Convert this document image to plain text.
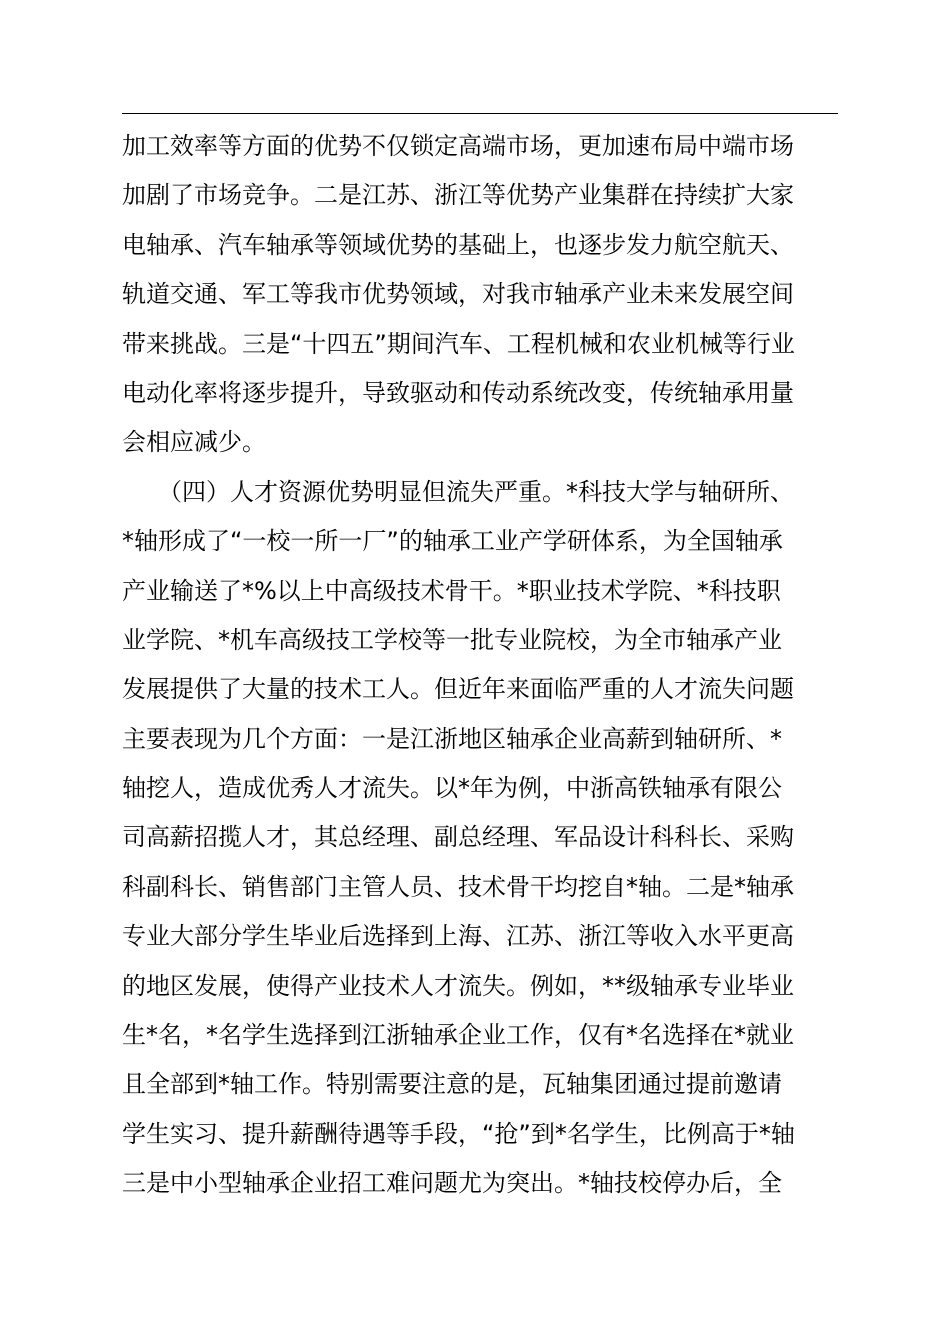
加工效率等方面的优势不仅锁定高端市场，更加速布局中端市场
加剧了市场竞争。二是江苏、浙江等优势产业集群在持续扩大家
电轴承、汽车轴承等领域优势的基础上，也逐步发力航空航天、
轨道交通、军工等我市优势领域，对我市轴承产业未来发展空间
带来挑战。三是“十四五”期间汽车、工程机械和农业机械等行业
电动化率将逐步提升，导致驱动和传动系统改变，传统轴承用量
会相应减少。
　　（四）人才资源优势明显但流失严重。*科技大学与轴研所、
*轴形成了“一校一所一厂”的轴承工业产学研体系，为全国轴承
产业输送了*%以上中高级技术骨干。*职业技术学院、*科技职
业学院、*机车高级技工学校等一批专业院校，为全市轴承产业
发展提供了大量的技术工人。但近年来面临严重的人才流失问题
主要表现为几个方面：一是江浙地区轴承企业高薪到轴研所、*
轴挖人，造成优秀人才流失。以*年为例，中浙高铁轴承有限公
司高薪招揽人才，其总经理、副总经理、军品设计科科长、采购
科副科长、销售部门主管人员、技术骨干均挖自*轴。二是*轴承
专业大部分学生毕业后选择到上海、江苏、浙江等收入水平更高
的地区发展，使得产业技术人才流失。例如，**级轴承专业毕业
生*名，*名学生选择到江浙轴承企业工作，仅有*名选择在*就业
且全部到*轴工作。特别需要注意的是，瓦轴集团通过提前邀请
学生实习、提升薪酬待遇等手段，“抢”到*名学生，比例高于*轴
三是中小型轴承企业招工难问题尤为突出。*轴技校停办后，全
